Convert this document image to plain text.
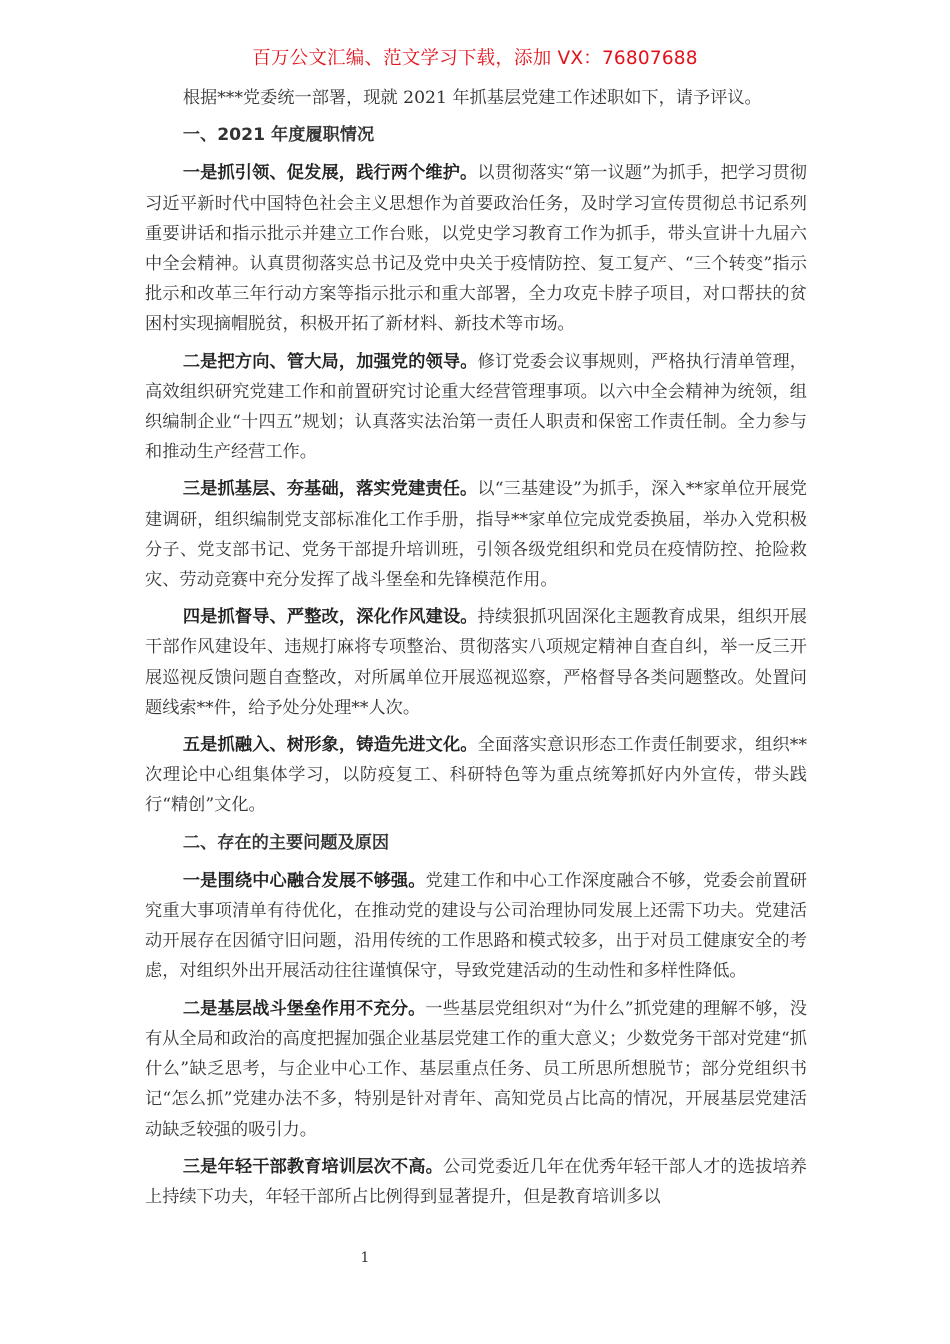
百万公文汇编、范文学习下载，添加 VX：76807688

根据***党委统一部署，现就 2021 年抓基层党建工作述职如下，请予评议。

一、2021 年度履职情况

一是抓引领、促发展，践行两个维护。以贯彻落实“第一议题”为抓手，把学习贯彻习近平新时代中国特色社会主义思想作为首要政治任务，及时学习宣传贯彻总书记系列重要讲话和指示批示并建立工作台账，以党史学习教育工作为抓手，带头宣讲十九届六中全会精神。认真贯彻落实总书记及党中央关于疫情防控、复工复产、“三个转变”指示批示和改革三年行动方案等指示批示和重大部署，全力攻克卡脖子项目，对口帮扶的贫困村实现摘帽脱贫，积极开拓了新材料、新技术等市场。

二是把方向、管大局，加强党的领导。修订党委会议事规则，严格执行清单管理，高效组织研究党建工作和前置研究讨论重大经营管理事项。以六中全会精神为统领，组织编制企业“十四五”规划；认真落实法治第一责任人职责和保密工作责任制。全力参与和推动生产经营工作。

三是抓基层、夯基础，落实党建责任。以“三基建设”为抓手，深入**家单位开展党建调研，组织编制党支部标准化工作手册，指导**家单位完成党委换届，举办入党积极分子、党支部书记、党务干部提升培训班，引领各级党组织和党员在疫情防控、抢险救灾、劳动竞赛中充分发挥了战斗堡垒和先锋模范作用。

四是抓督导、严整改，深化作风建设。持续狠抓巩固深化主题教育成果，组织开展干部作风建设年、违规打麻将专项整治、贯彻落实八项规定精神自查自纠，举一反三开展巡视反馈问题自查整改，对所属单位开展巡视巡察，严格督导各类问题整改。处置问题线索**件，给予处分处理**人次。

五是抓融入、树形象，铸造先进文化。全面落实意识形态工作责任制要求，组织**次理论中心组集体学习，以防疫复工、科研特色等为重点统筹抓好内外宣传，带头践行“精创”文化。

二、存在的主要问题及原因

一是围绕中心融合发展不够强。党建工作和中心工作深度融合不够，党委会前置研究重大事项清单有待优化，在推动党的建设与公司治理协同发展上还需下功夫。党建活动开展存在因循守旧问题，沿用传统的工作思路和模式较多，出于对员工健康安全的考虑，对组织外出开展活动往往谨慎保守，导致党建活动的生动性和多样性降低。

二是基层战斗堡垒作用不充分。一些基层党组织对“为什么”抓党建的理解不够，没有从全局和政治的高度把握加强企业基层党建工作的重大意义；少数党务干部对党建“抓什么”缺乏思考，与企业中心工作、基层重点任务、员工所思所想脱节；部分党组织书记“怎么抓”党建办法不多，特别是针对青年、高知党员占比高的情况，开展基层党建活动缺乏较强的吸引力。

三是年轻干部教育培训层次不高。公司党委近几年在优秀年轻干部人才的选拔培养上持续下功夫，年轻干部所占比例得到显著提升，但是教育培训多以

1
